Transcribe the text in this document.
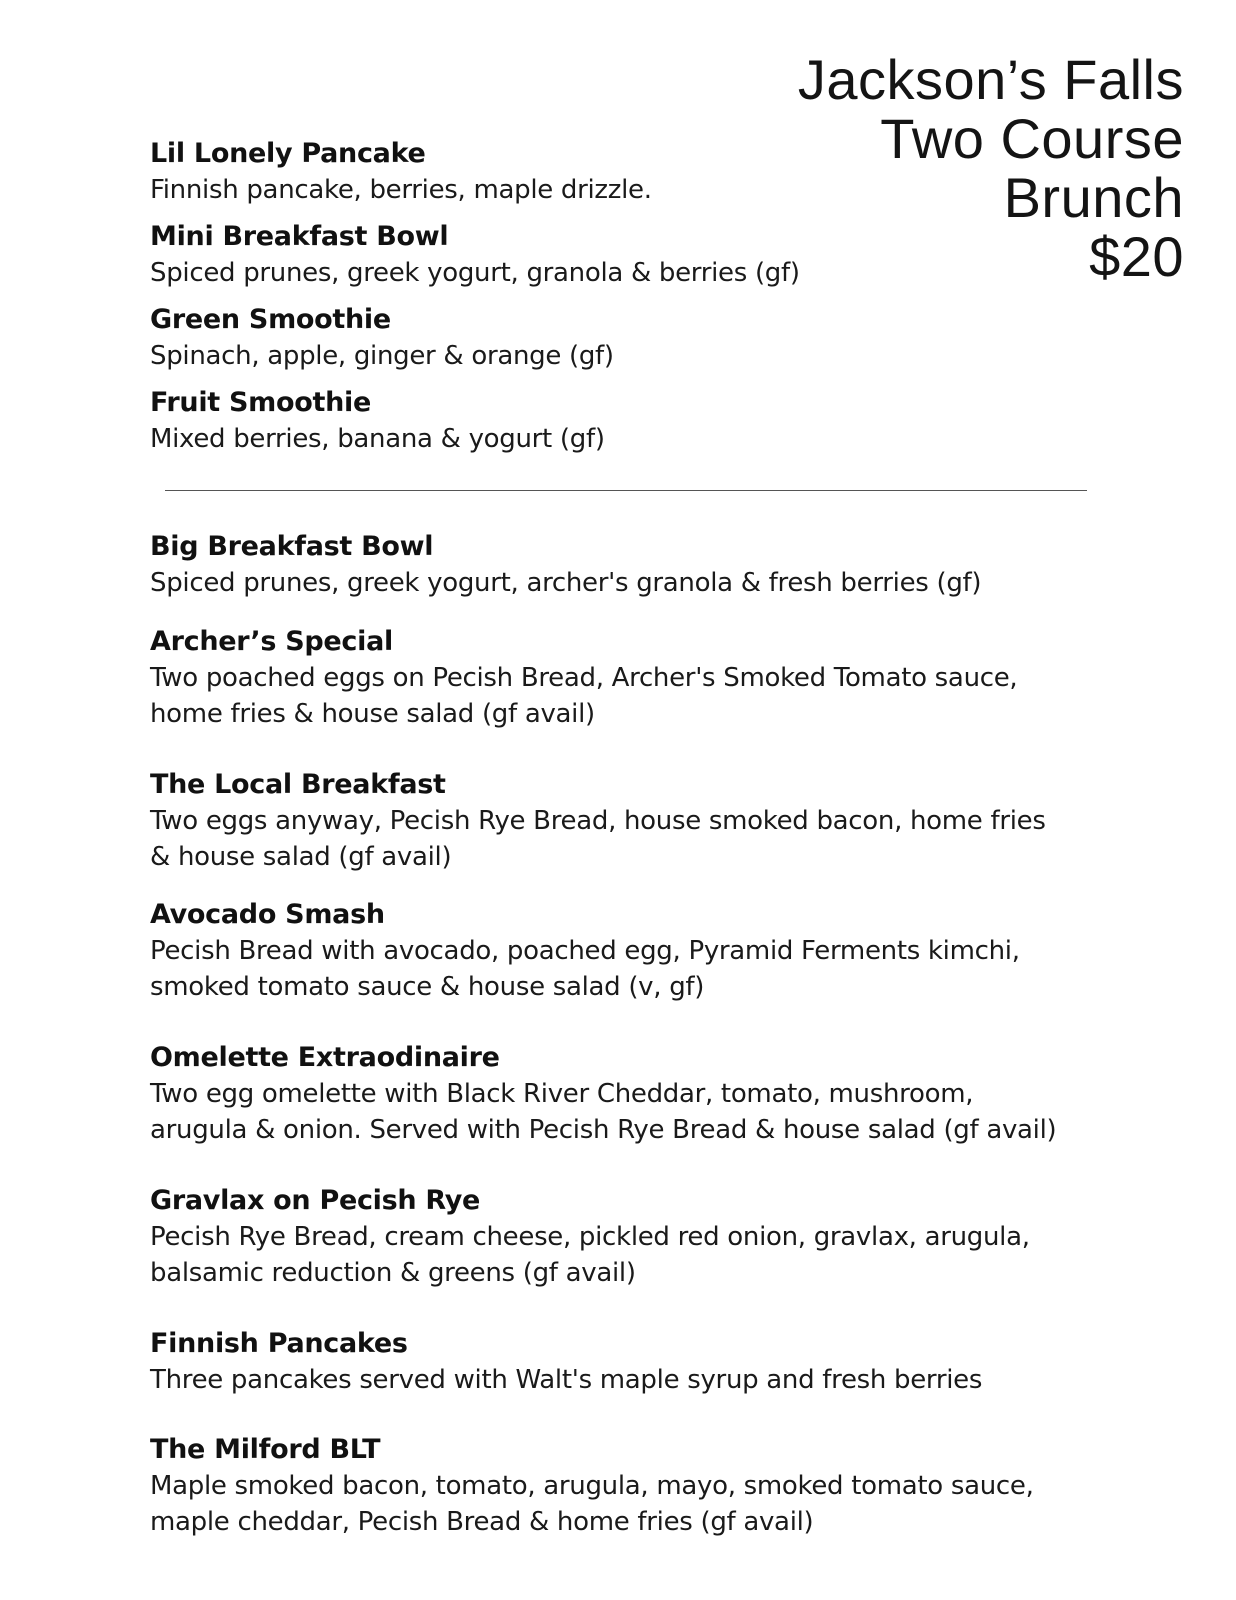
Jackson’s Falls
Two Course
Brunch
$20
Lil Lonely Pancake
Finnish pancake, berries, maple drizzle.
Mini Breakfast Bowl
Spiced prunes, greek yogurt, granola & berries (gf)
Green Smoothie
Spinach, apple, ginger & orange (gf)
Fruit Smoothie
Mixed berries, banana & yogurt (gf)
Big Breakfast Bowl
Spiced prunes, greek yogurt, archer's granola & fresh berries (gf)
Archer’s Special
Two poached eggs on Pecish Bread, Archer's Smoked Tomato sauce,
home fries & house salad (gf avail)
The Local Breakfast
Two eggs anyway, Pecish Rye Bread, house smoked bacon, home fries
& house salad (gf avail)
Avocado Smash
Pecish Bread with avocado, poached egg, Pyramid Ferments kimchi,
smoked tomato sauce & house salad (v, gf)
Omelette Extraodinaire
Two egg omelette with Black River Cheddar, tomato, mushroom,
arugula & onion. Served with Pecish Rye Bread & house salad (gf avail)
Gravlax on Pecish Rye
Pecish Rye Bread, cream cheese, pickled red onion, gravlax, arugula,
balsamic reduction & greens (gf avail)
Finnish Pancakes
Three pancakes served with Walt's maple syrup and fresh berries
The Milford BLT
Maple smoked bacon, tomato, arugula, mayo, smoked tomato sauce,
maple cheddar, Pecish Bread & home fries (gf avail)
